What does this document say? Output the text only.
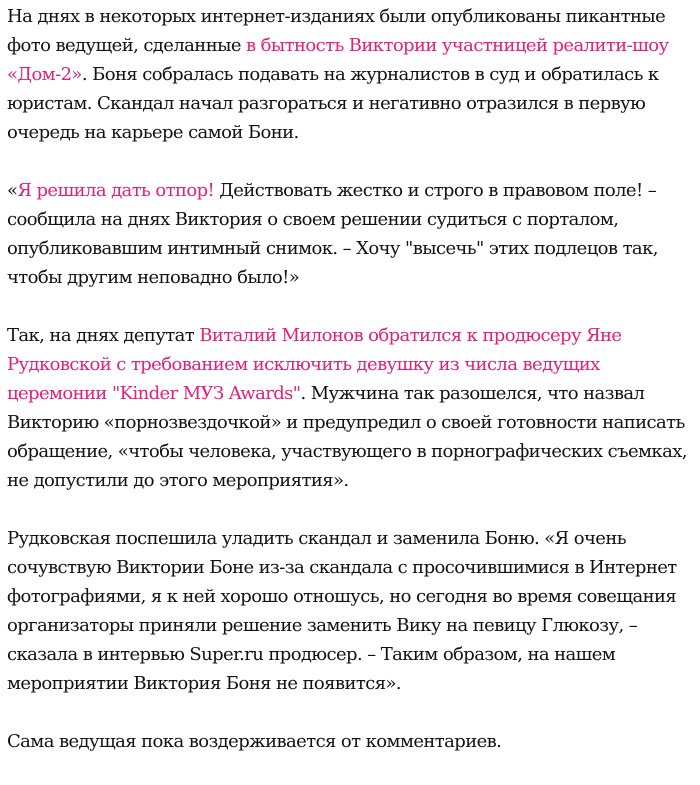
На днях в некоторых интернет-изданиях были опубликованы пикантные фото ведущей, сделанные в бытность Виктории участницей реалити-шоу «Дом-2». Боня собралась подавать на журналистов в суд и обратилась к юристам. Скандал начал разгораться и негативно отразился в первую очередь на карьере самой Бони.

«Я решила дать отпор! Действовать жестко и строго в правовом поле! – сообщила на днях Виктория о своем решении судиться с порталом, опубликовавшим интимный снимок. – Хочу "высечь" этих подлецов так, чтобы другим неповадно было!»

Так, на днях депутат Виталий Милонов обратился к продюсеру Яне Рудковской с требованием исключить девушку из числа ведущих церемонии "Kinder МУЗ Awards". Мужчина так разошелся, что назвал Викторию «порнозвездочкой» и предупредил о своей готовности написать обращение, «чтобы человека, участвующего в порнографических съемках, не допустили до этого мероприятия».

Рудковская поспешила уладить скандал и заменила Боню. «Я очень сочувствую Виктории Боне из-за скандала с просочившимися в Интернет фотографиями, я к ней хорошо отношусь, но сегодня во время совещания организаторы приняли решение заменить Вику на певицу Глюкозу, – сказала в интервью Super.ru продюсер. – Таким образом, на нашем мероприятии Виктория Боня не появится».

Сама ведущая пока воздерживается от комментариев.
